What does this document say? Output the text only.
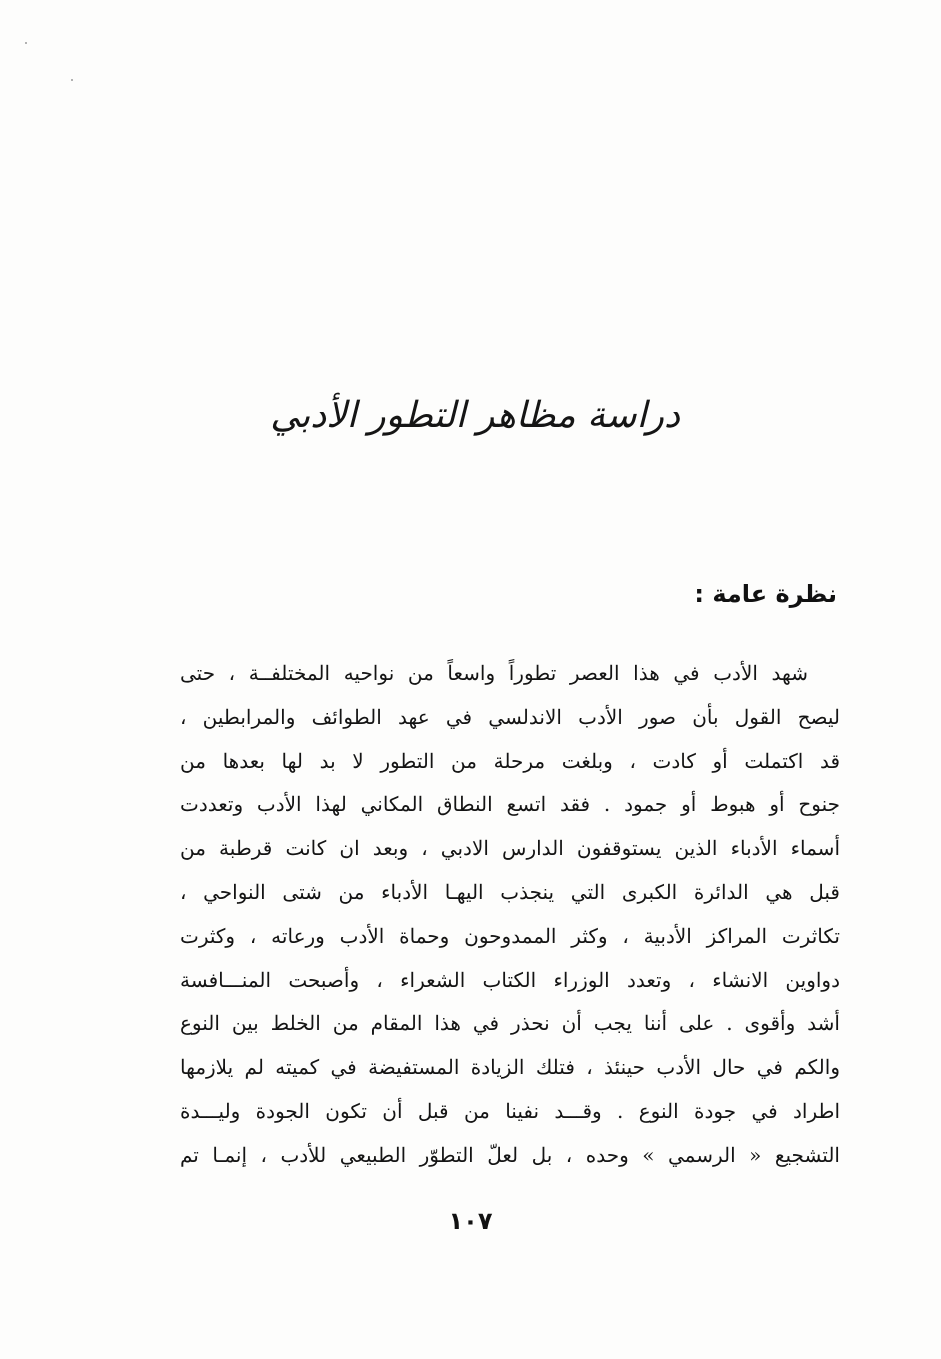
دراسة مظاهر التطور الأدبي
نظرة عامة :
شهد الأدب في هذا العصر تطوراً واسعاً من نواحيه المختلفــة ، حتى
ليصح القول بأن صور الأدب الاندلسي في عهد الطوائف والمرابطين ،
قد اكتملت أو كادت ، وبلغت مرحلة من التطور لا بد لها بعدها من
جنوح أو هبوط أو جمود . فقد اتسع النطاق المكاني لهذا الأدب وتعددت
أسماء الأدباء الذين يستوقفون الدارس الادبي ، وبعد ان كانت قرطبة من
قبل هي الدائرة الكبرى التي ينجذب اليهـا الأدباء من شتى النواحي ،
تكاثرت المراكز الأدبية ، وكثر الممدوحون وحماة الأدب ورعاته ، وكثرت
دواوين الانشاء ، وتعدد الوزراء الكتاب الشعراء ، وأصبحت المنـــافسة
أشد وأقوى . على أننا يجب أن نحذر في هذا المقام من الخلط بين النوع
والكم في حال الأدب حينئذ ، فتلك الزيادة المستفيضة في كميته لم يلازمها
اطراد في جودة النوع . وقـــد نفينا من قبل أن تكون الجودة وليـــدة
التشجيع « الرسمي » وحده ، بل لعلّ التطوّر الطبيعي للأدب ، إنمـا تم
١٠٧
